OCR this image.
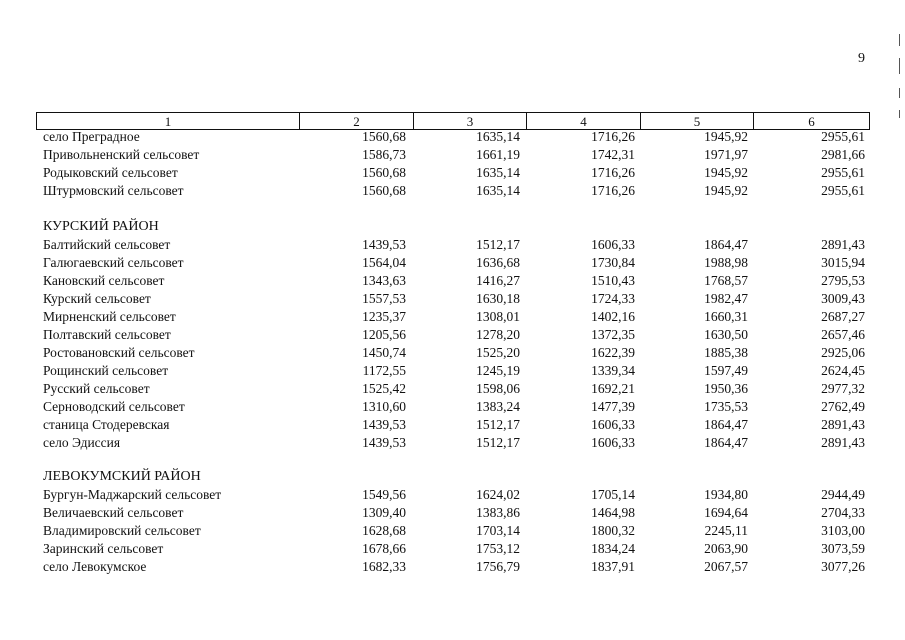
9
1	2	3	4	5	6
село Преградное	1560,68	1635,14	1716,26	1945,92	2955,61
Привольненский сельсовет	1586,73	1661,19	1742,31	1971,97	2981,66
Родыковский сельсовет	1560,68	1635,14	1716,26	1945,92	2955,61
Штурмовский сельсовет	1560,68	1635,14	1716,26	1945,92	2955,61
КУРСКИЙ РАЙОН
Балтийский сельсовет	1439,53	1512,17	1606,33	1864,47	2891,43
Галюгаевский сельсовет	1564,04	1636,68	1730,84	1988,98	3015,94
Кановский сельсовет	1343,63	1416,27	1510,43	1768,57	2795,53
Курский сельсовет	1557,53	1630,18	1724,33	1982,47	3009,43
Мирненский сельсовет	1235,37	1308,01	1402,16	1660,31	2687,27
Полтавский сельсовет	1205,56	1278,20	1372,35	1630,50	2657,46
Ростовановский сельсовет	1450,74	1525,20	1622,39	1885,38	2925,06
Рощинский сельсовет	1172,55	1245,19	1339,34	1597,49	2624,45
Русский сельсовет	1525,42	1598,06	1692,21	1950,36	2977,32
Серноводский сельсовет	1310,60	1383,24	1477,39	1735,53	2762,49
станица Стодеревская	1439,53	1512,17	1606,33	1864,47	2891,43
село Эдиссия	1439,53	1512,17	1606,33	1864,47	2891,43
ЛЕВОКУМСКИЙ РАЙОН
Бургун-Маджарский сельсовет	1549,56	1624,02	1705,14	1934,80	2944,49
Величаевский сельсовет	1309,40	1383,86	1464,98	1694,64	2704,33
Владимировский сельсовет	1628,68	1703,14	1800,32	2245,11	3103,00
Заринский сельсовет	1678,66	1753,12	1834,24	2063,90	3073,59
село Левокумское	1682,33	1756,79	1837,91	2067,57	3077,26
